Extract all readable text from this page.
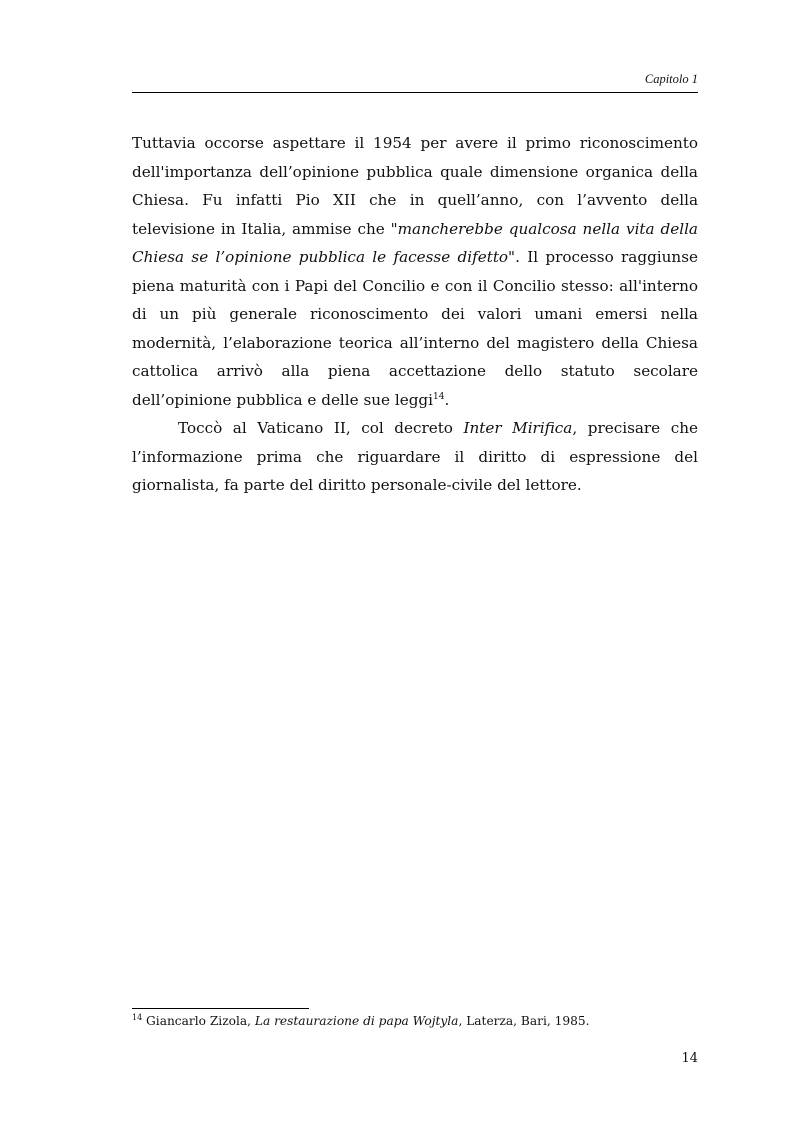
Capitolo 1

Tuttavia occorse aspettare il 1954 per avere il primo riconoscimento dell'importanza dell’opinione pubblica quale dimensione organica della Chiesa. Fu infatti Pio XII che in quell’anno, con l’avvento della televisione in Italia, ammise che "mancherebbe qualcosa nella vita della Chiesa se l’opinione pubblica le facesse difetto". Il processo raggiunse piena maturità con i Papi del Concilio e con il Concilio stesso: all'interno di un più generale riconoscimento dei valori umani emersi nella modernità, l’elaborazione teorica all’interno del magistero della Chiesa cattolica arrivò alla piena accettazione dello statuto secolare dell’opinione pubblica e delle sue leggi$^{14}$.

Toccò al Vaticano II, col decreto Inter Mirifica, precisare che l’informazione prima che riguardare il diritto di espressione del giornalista, fa parte del diritto personale-civile del lettore.

$^{14}$ Giancarlo Zizola, La restaurazione di papa Wojtyla, Laterza, Bari, 1985.
14
